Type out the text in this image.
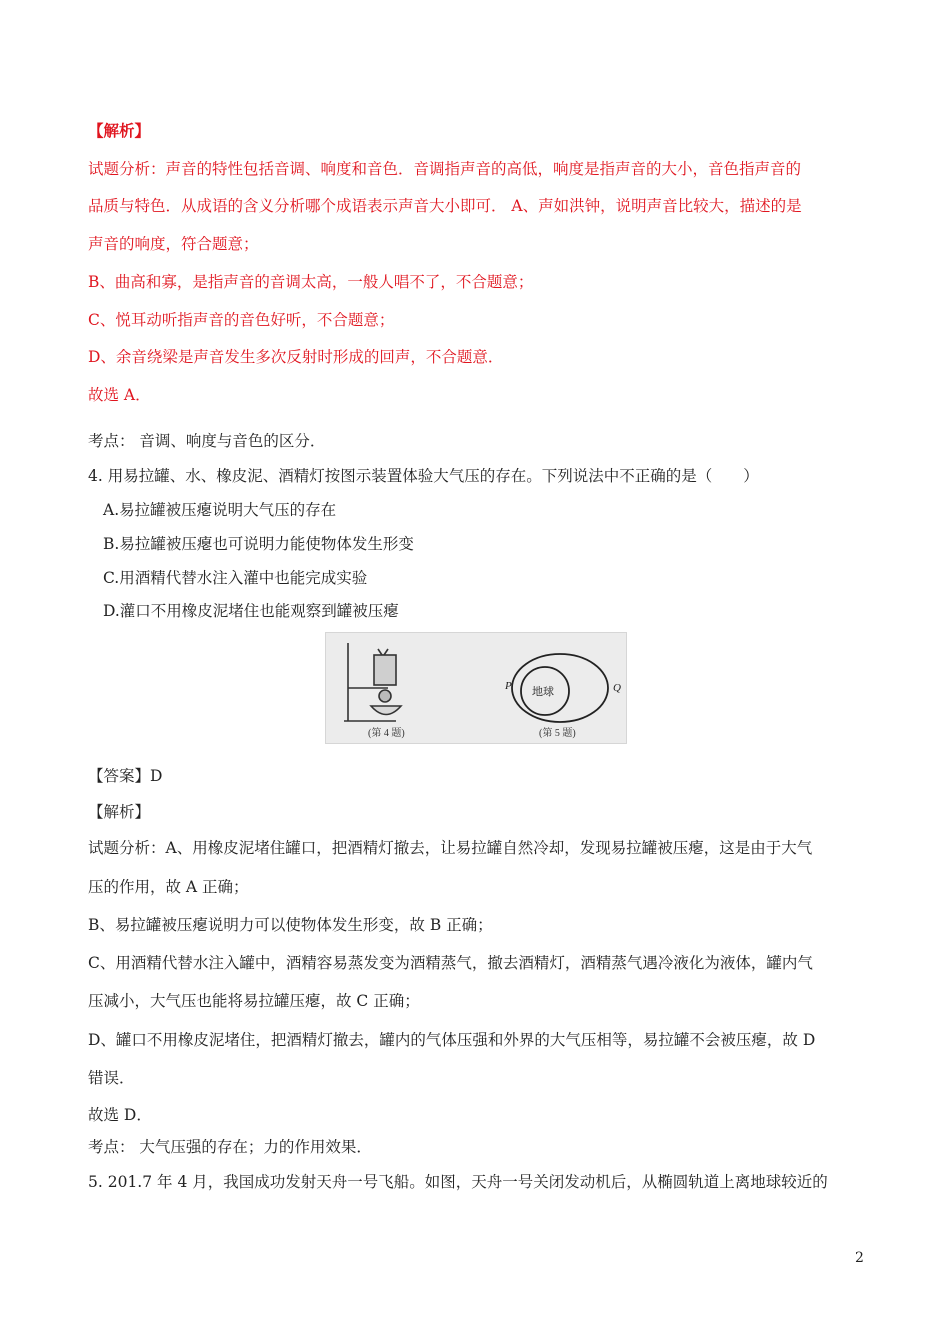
【解析】
试题分析：声音的特性包括音调、响度和音色．音调指声音的高低，响度是指声音的大小，音色指声音的
品质与特色．从成语的含义分析哪个成语表示声音大小即可． A、声如洪钟，说明声音比较大，描述的是
声音的响度，符合题意；
B、曲高和寡，是指声音的音调太高，一般人唱不了，不合题意；
C、悦耳动听指声音的音色好听，不合题意；
D、余音绕梁是声音发生多次反射时形成的回声，不合题意．
故选 A．
考点： 音调、响度与音色的区分．
4. 用易拉罐、水、橡皮泥、酒精灯按图示装置体验大气压的存在。下列说法中不正确的是（　　）
A.易拉罐被压瘪说明大气压的存在
B.易拉罐被压瘪也可说明力能使物体发生形变
C.用酒精代替水注入灌中也能完成实验
D.灌口不用橡皮泥堵住也能观察到罐被压瘪
(第 4 题)
地球
P	Q
(第 5 题)
【答案】D
【解析】
试题分析：A、用橡皮泥堵住罐口，把酒精灯撤去，让易拉罐自然冷却，发现易拉罐被压瘪，这是由于大气
压的作用，故 A 正确；
B、易拉罐被压瘪说明力可以使物体发生形变，故 B 正确；
C、用酒精代替水注入罐中，酒精容易蒸发变为酒精蒸气，撤去酒精灯，酒精蒸气遇冷液化为液体，罐内气
压减小，大气压也能将易拉罐压瘪，故 C 正确；
D、罐口不用橡皮泥堵住，把酒精灯撤去，罐内的气体压强和外界的大气压相等，易拉罐不会被压瘪，故 D
错误．
故选 D．
考点： 大气压强的存在；力的作用效果．
5. 201.7 年 4 月，我国成功发射天舟一号飞船。如图，天舟一号关闭发动机后，从椭圆轨道上离地球较近的
2
